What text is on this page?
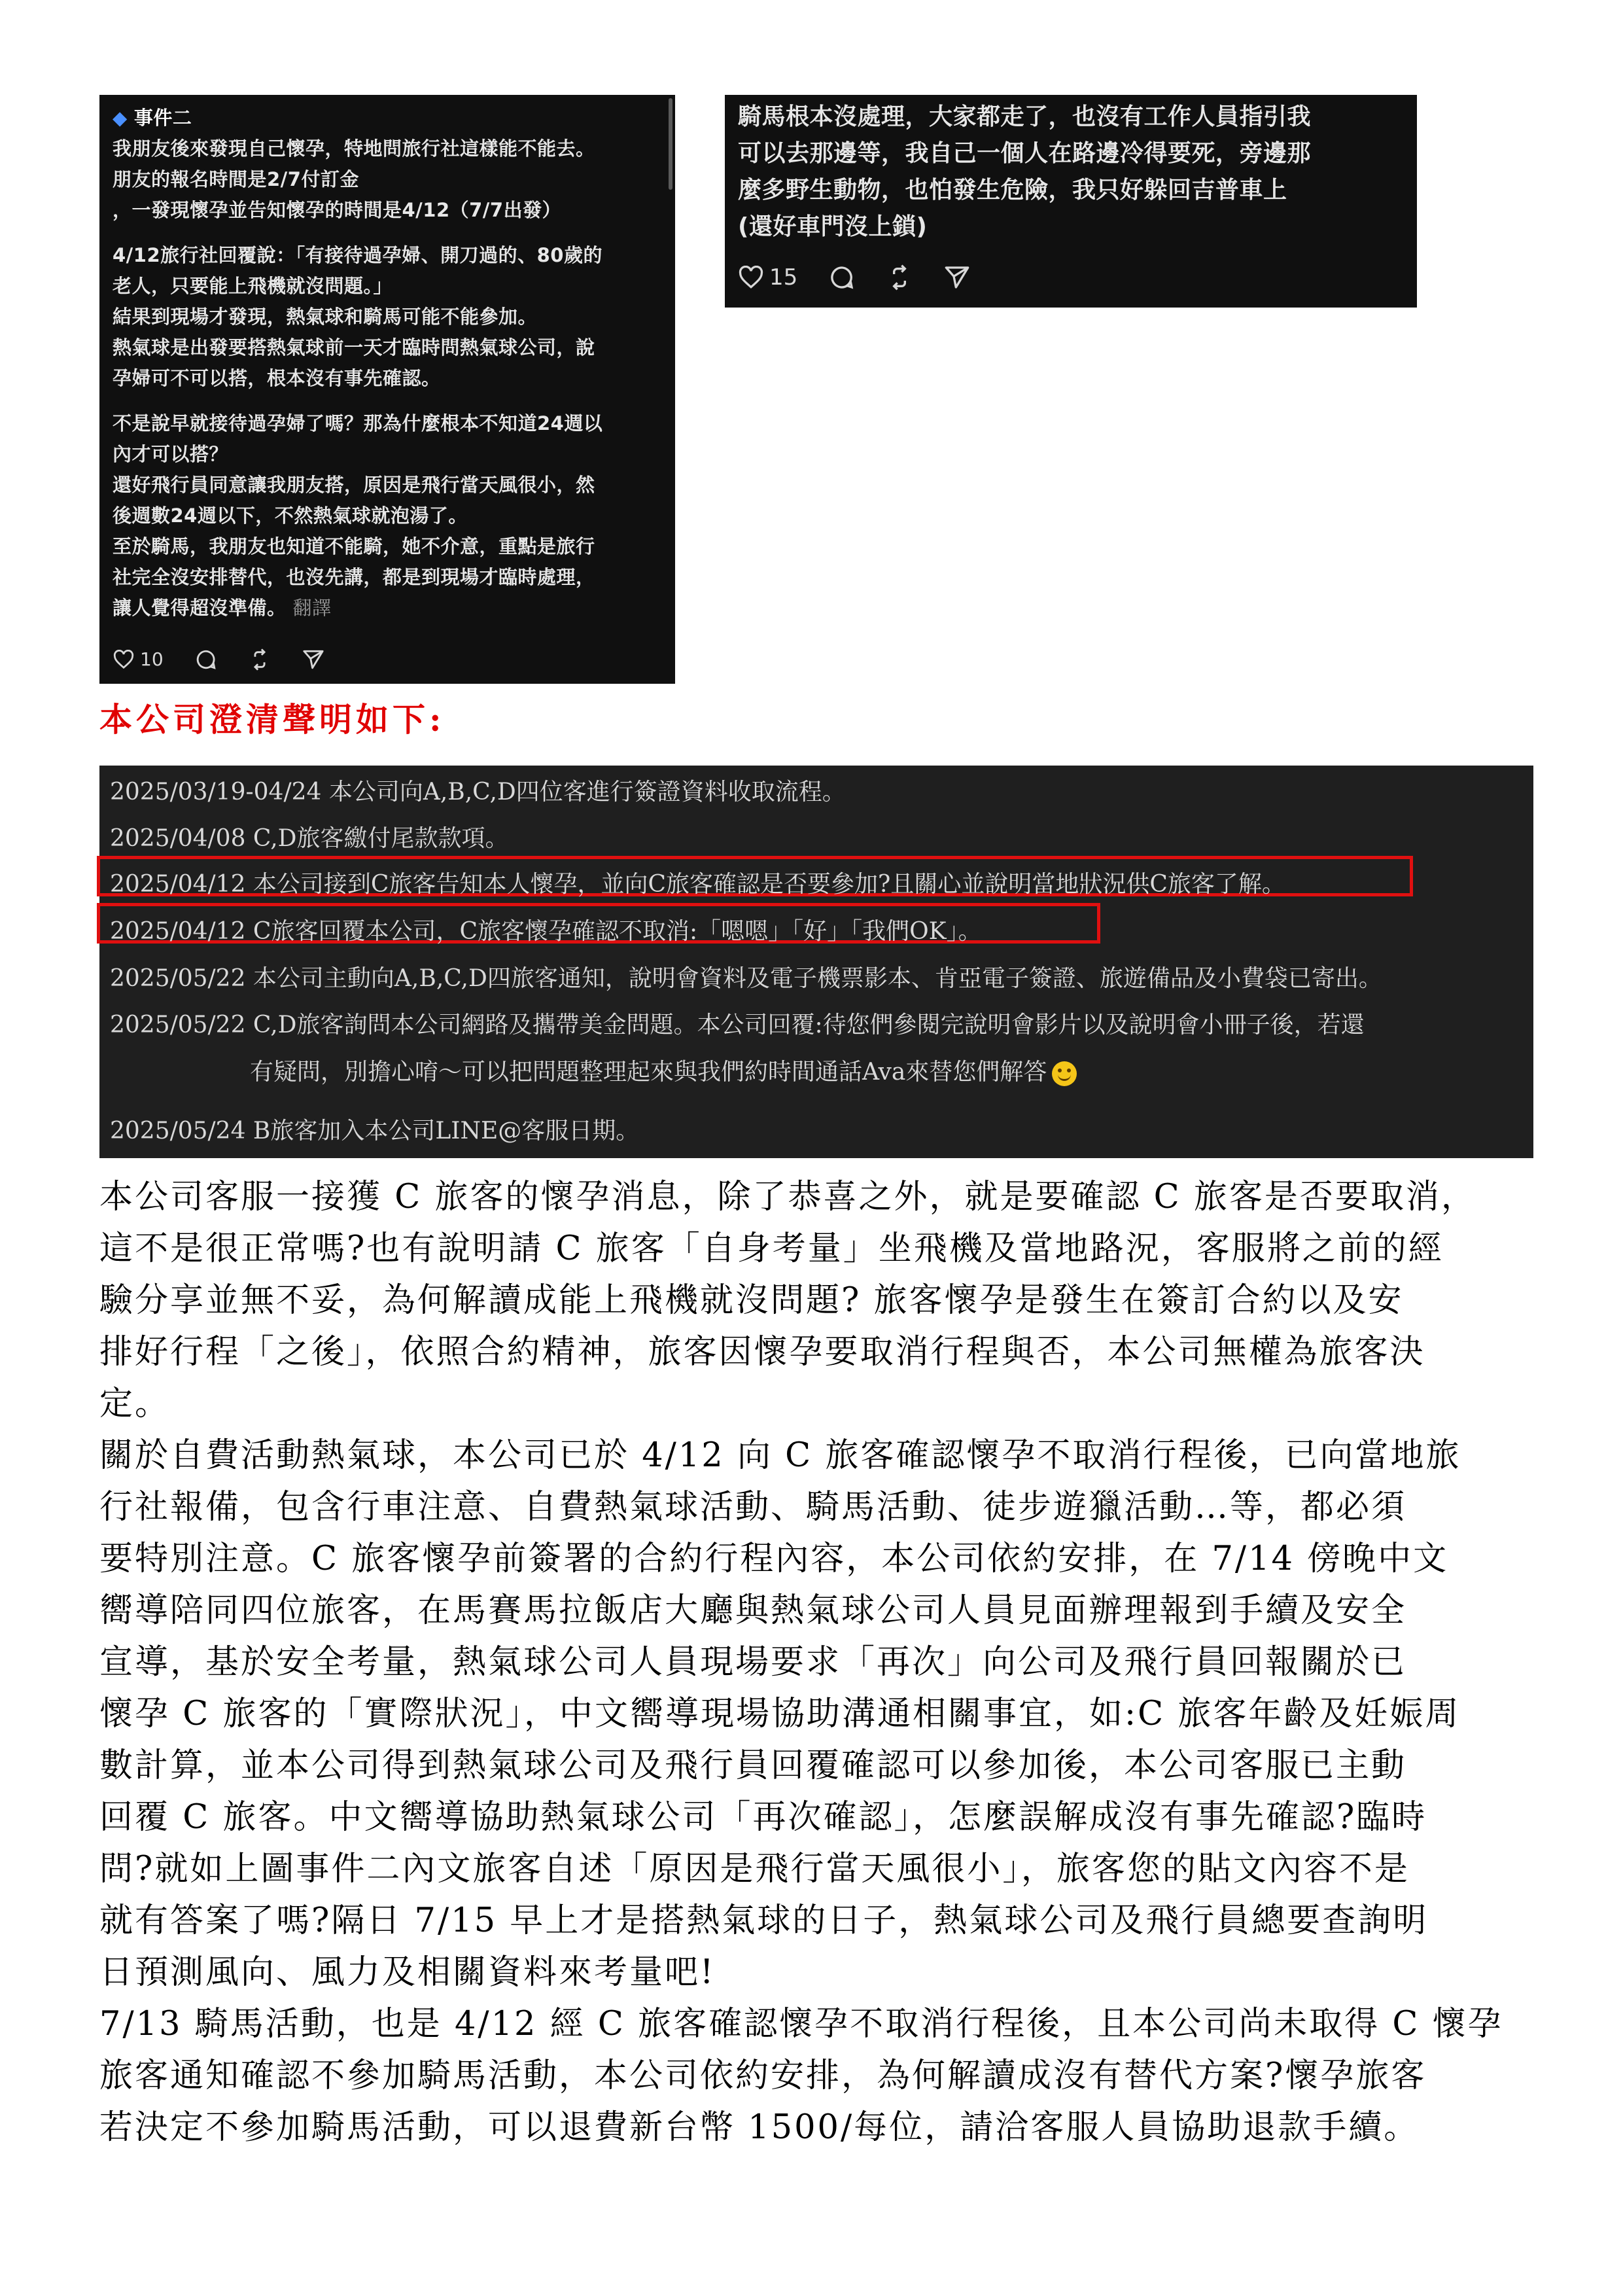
◆ 事件二
我朋友後來發現自己懷孕，特地問旅行社這樣能不能去。
朋友的報名時間是2/7付訂金
，一發現懷孕並告知懷孕的時間是4/12（7/7出發）
4/12旅行社回覆說：「有接待過孕婦、開刀過的、80歲的
老人，只要能上飛機就沒問題。」
結果到現場才發現，熱氣球和騎馬可能不能參加。
熱氣球是出發要搭熱氣球前一天才臨時問熱氣球公司，說
孕婦可不可以搭，根本沒有事先確認。
不是說早就接待過孕婦了嗎？那為什麼根本不知道24週以
內才可以搭？
還好飛行員同意讓我朋友搭，原因是飛行當天風很小，然
後週數24週以下，不然熱氣球就泡湯了。
至於騎馬，我朋友也知道不能騎，她不介意，重點是旅行
社完全沒安排替代，也沒先講，都是到現場才臨時處理，
讓人覺得超沒準備。 翻譯
10
騎馬根本沒處理，大家都走了，也沒有工作人員指引我
可以去那邊等，我自己一個人在路邊冷得要死，旁邊那
麼多野生動物，也怕發生危險，我只好躲回吉普車上
(還好車門沒上鎖)
15
本公司澄清聲明如下:
2025/03/19-04/24 本公司向A,B,C,D四位客進行簽證資料收取流程。
2025/04/08 C,D旅客繳付尾款款項。
2025/04/12 本公司接到C旅客告知本人懷孕，並向C旅客確認是否要參加?且關心並說明當地狀況供C旅客了解。
2025/04/12 C旅客回覆本公司，C旅客懷孕確認不取消:「嗯嗯」「好」「我們OK」。
2025/05/22 本公司主動向A,B,C,D四旅客通知，說明會資料及電子機票影本、肯亞電子簽證、旅遊備品及小費袋已寄出。
2025/05/22 C,D旅客詢問本公司網路及攜帶美金問題。本公司回覆:待您們參閱完說明會影片以及說明會小冊子後，若還
有疑問，別擔心唷～可以把問題整理起來與我們約時間通話Ava來替您們解答
2025/05/24 B旅客加入本公司LINE@客服日期。

本公司客服一接獲 C 旅客的懷孕消息，除了恭喜之外，就是要確認 C 旅客是否要取消，
這不是很正常嗎?也有說明請 C 旅客「自身考量」坐飛機及當地路況，客服將之前的經
驗分享並無不妥，為何解讀成能上飛機就沒問題? 旅客懷孕是發生在簽訂合約以及安
排好行程「之後」，依照合約精神，旅客因懷孕要取消行程與否，本公司無權為旅客決
定。

關於自費活動熱氣球，本公司已於 4/12 向 C 旅客確認懷孕不取消行程後，已向當地旅
行社報備，包含行車注意、自費熱氣球活動、騎馬活動、徒步遊獵活動…等，都必須
要特別注意。C 旅客懷孕前簽署的合約行程內容，本公司依約安排，在 7/14 傍晚中文
嚮導陪同四位旅客，在馬賽馬拉飯店大廳與熱氣球公司人員見面辦理報到手續及安全
宣導，基於安全考量，熱氣球公司人員現場要求「再次」向公司及飛行員回報關於已
懷孕 C 旅客的「實際狀況」，中文嚮導現場協助溝通相關事宜，如:C 旅客年齡及妊娠周
數計算，並本公司得到熱氣球公司及飛行員回覆確認可以參加後，本公司客服已主動
回覆 C 旅客。中文嚮導協助熱氣球公司「再次確認」，怎麼誤解成沒有事先確認?臨時
問?就如上圖事件二內文旅客自述「原因是飛行當天風很小」，旅客您的貼文內容不是
就有答案了嗎?隔日 7/15 早上才是搭熱氣球的日子，熱氣球公司及飛行員總要查詢明
日預測風向、風力及相關資料來考量吧!

7/13 騎馬活動，也是 4/12 經 C 旅客確認懷孕不取消行程後，且本公司尚未取得 C 懷孕
旅客通知確認不參加騎馬活動，本公司依約安排，為何解讀成沒有替代方案?懷孕旅客
若決定不參加騎馬活動，可以退費新台幣 1500/每位，請洽客服人員協助退款手續。
